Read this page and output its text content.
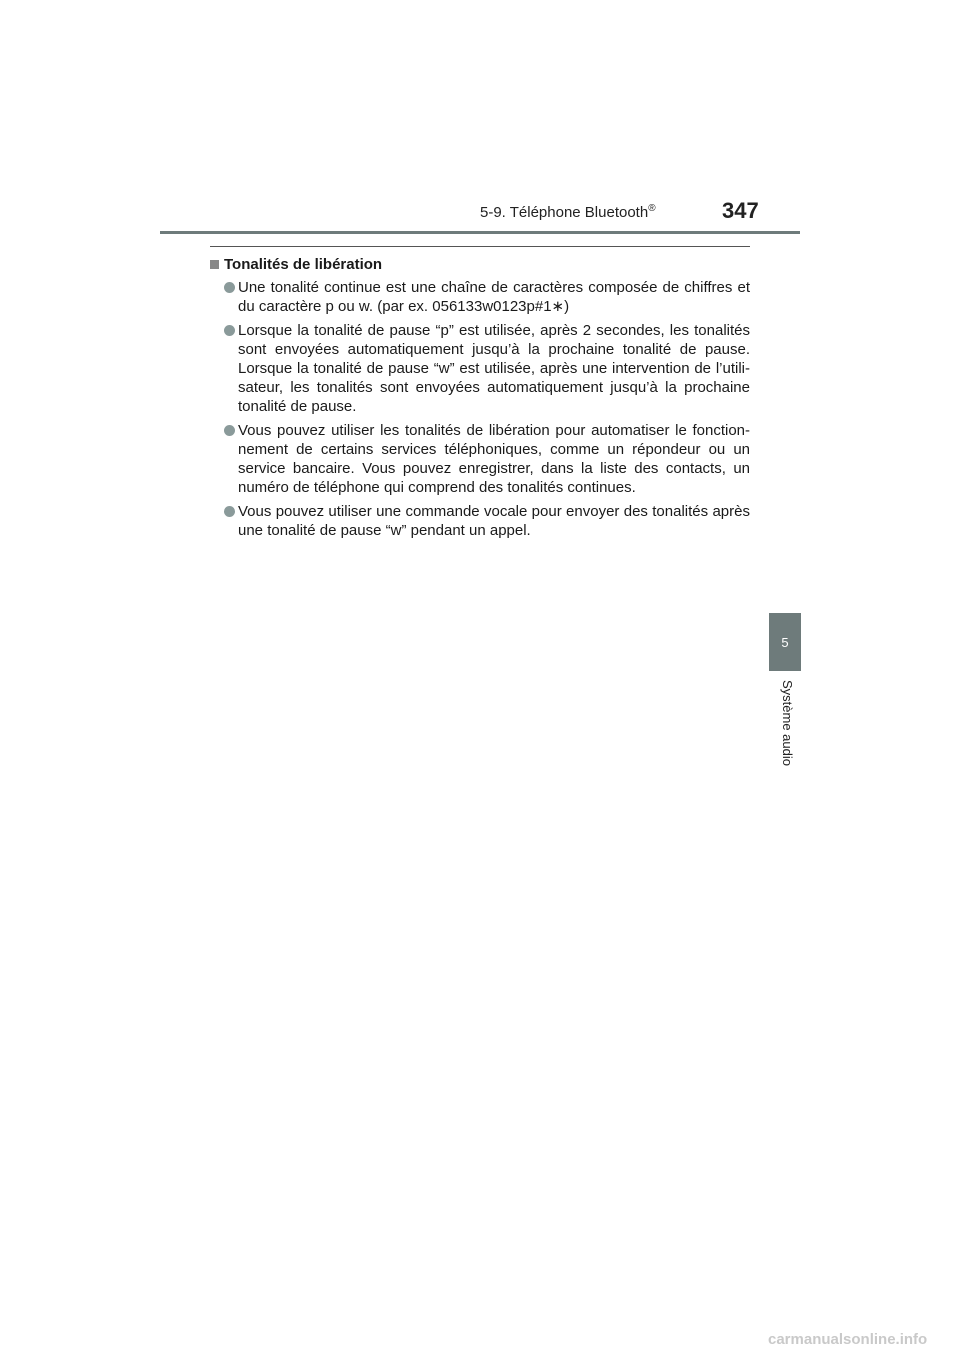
5-9. Téléphone Bluetooth®	347
Tonalités de libération
Une tonalité continue est une chaîne de caractères composée de chiffres et du caractère p ou w. (par ex. 056133w0123p#1∗)
Lorsque la tonalité de pause “p” est utilisée, après 2 secondes, les tonalités sont envoyées automatiquement jusqu’à la prochaine tonalité de pause. Lorsque la tonalité de pause “w” est utilisée, après une intervention de l’utili-sateur, les tonalités sont envoyées automatiquement jusqu’à la prochaine tonalité de pause.
Vous pouvez utiliser les tonalités de libération pour automatiser le fonction-nement de certains services téléphoniques, comme un répondeur ou un service bancaire. Vous pouvez enregistrer, dans la liste des contacts, un numéro de téléphone qui comprend des tonalités continues.
Vous pouvez utiliser une commande vocale pour envoyer des tonalités après une tonalité de pause “w” pendant un appel.
5
Système audio
carmanualsonline.info
